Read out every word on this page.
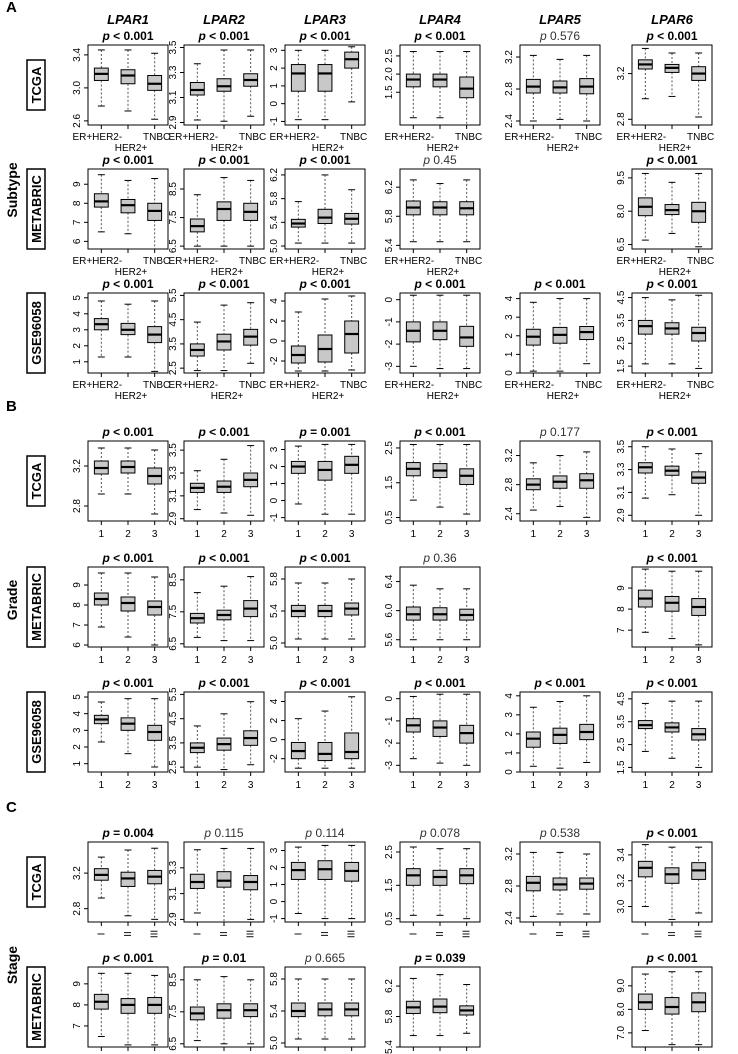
A
Subtype
TCGA
p < 0.001
2.6
3.0
3.4
ER+HER2-
HER2+
TNBC
LPAR1
p < 0.001
2.9
3.1
3.3
3.5
ER+HER2-
HER2+
TNBC
LPAR2
p < 0.001
-1
0
1
2
3
ER+HER2-
HER2+
TNBC
LPAR3
p < 0.001
1.5
2.0
2.5
ER+HER2-
HER2+
TNBC
LPAR4
p 0.576
2.4
2.8
3.2
ER+HER2-
HER2+
TNBC
LPAR5
p < 0.001
2.8
3.2
ER+HER2-
HER2+
TNBC
LPAR6
METABRIC
p < 0.001
6
7
8
9
ER+HER2-
HER2+
TNBC
p < 0.001
6.5
7.5
8.5
ER+HER2-
HER2+
TNBC
p < 0.001
5.0
5.4
5.8
6.2
ER+HER2-
HER2+
TNBC
p 0.45
5.4
5.8
6.2
ER+HER2-
HER2+
TNBC
p < 0.001
6.5
8.0
9.5
ER+HER2-
HER2+
TNBC
GSE96058
p < 0.001
1
2
3
4
5
ER+HER2-
HER2+
TNBC
p < 0.001
2.5
3.5
4.5
5.5
ER+HER2-
HER2+
TNBC
p < 0.001
-2
0
2
4
ER+HER2-
HER2+
TNBC
p < 0.001
-3
-2
-1
0
ER+HER2-
HER2+
TNBC
p < 0.001
0
1
2
3
4
ER+HER2-
HER2+
TNBC
p < 0.001
1.5
2.5
3.5
4.5
ER+HER2-
HER2+
TNBC
B
Grade
TCGA
p < 0.001
2.8
3.2
1 2 3
p < 0.001
2.9
3.1
3.3
3.5
1 2 3
p = 0.001
-1
0
1
2
3
1 2 3
p < 0.001
0.5
1.5
2.5
1 2 3
p 0.177
2.4
2.8
3.2
1 2 3
p < 0.001
2.9
3.1
3.3
3.5
1 2 3
METABRIC
p < 0.001
6
7
8
9
1 2 3
p < 0.001
6.5
7.5
8.5
1 2 3
p < 0.001
5.0
5.4
5.8
1 2 3
p 0.36
5.6
6.0
6.4
1 2 3
p < 0.001
7
8
9
1 2 3
GSE96058
p < 0.001
1
2
3
4
5
1 2 3
p < 0.001
2.5
3.5
4.5
5.5
1 2 3
p < 0.001
-2
0
2
4
1 2 3
p < 0.001
-3
-2
-1
0
1 2 3
p < 0.001
0
1
2
3
4
1 2 3
p < 0.001
1.5
2.5
3.5
4.5
1 2 3
C
Stage
TCGA
p = 0.004
2.8
3.2
I II III
p 0.115
2.9
3.1
3.3
I II III
p 0.114
-1
0
1
2
3
I II III
p 0.078
0.5
1.5
2.5
I II III
p 0.538
2.4
2.8
3.2
I II III
p < 0.001
3.0
3.2
3.4
I II III
METABRIC
p < 0.001
7
8
9
p = 0.01
6.5
7.5
8.5
p 0.665
5.0
5.4
5.8
p = 0.039
5.4
5.8
6.2
p < 0.001
7.0
8.0
9.0
